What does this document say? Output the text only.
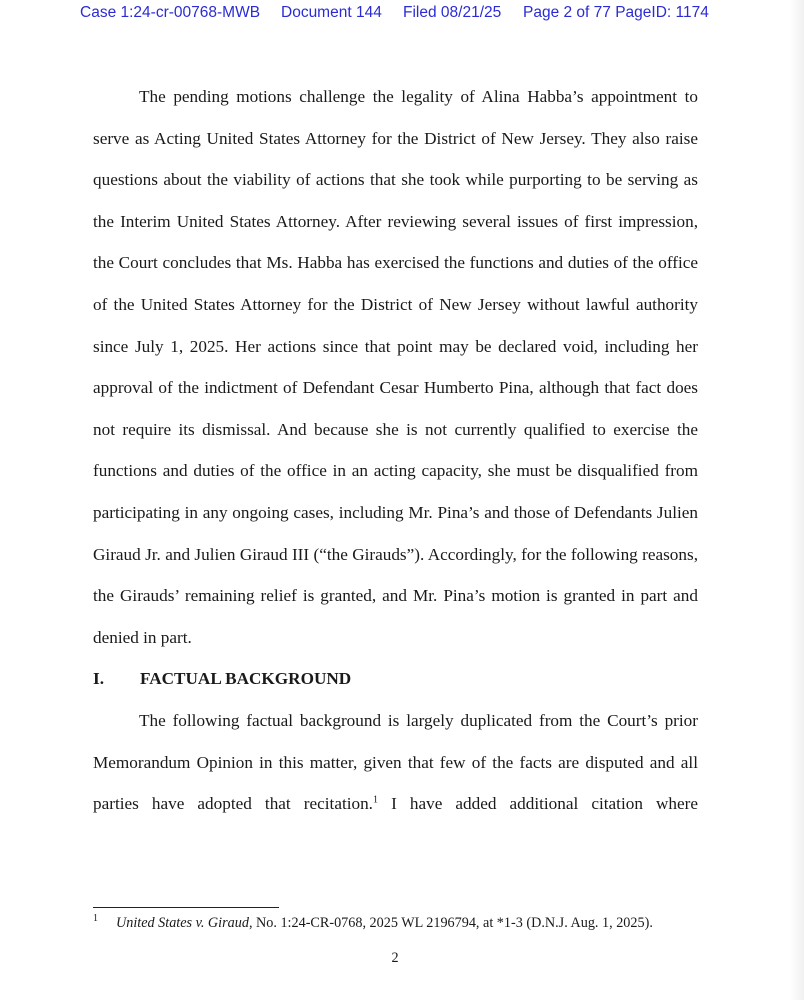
Case 1:24-cr-00768-MWB Document 144 Filed 08/21/25 Page 2 of 77 PageID: 1174

The pending motions challenge the legality of Alina Habba’s appointment to serve as Acting United States Attorney for the District of New Jersey. They also raise questions about the viability of actions that she took while purporting to be serving as the Interim United States Attorney. After reviewing several issues of first impression, the Court concludes that Ms. Habba has exercised the functions and duties of the office of the United States Attorney for the District of New Jersey without lawful authority since July 1, 2025. Her actions since that point may be declared void, including her approval of the indictment of Defendant Cesar Humberto Pina, although that fact does not require its dismissal. And because she is not currently qualified to exercise the functions and duties of the office in an acting capacity, she must be disqualified from participating in any ongoing cases, including Mr. Pina’s and those of Defendants Julien Giraud Jr. and Julien Giraud III (“the Girauds”). Accordingly, for the following reasons, the Girauds’ remaining relief is granted, and Mr. Pina’s motion is granted in part and denied in part.

I.	FACTUAL BACKGROUND

The following factual background is largely duplicated from the Court’s prior Memorandum Opinion in this matter, given that few of the facts are disputed and all parties have adopted that recitation.$^1$ I have added additional citation where

1 United States v. Giraud, No. 1:24-CR-0768, 2025 WL 2196794, at *1-3 (D.N.J. Aug. 1, 2025).
2
